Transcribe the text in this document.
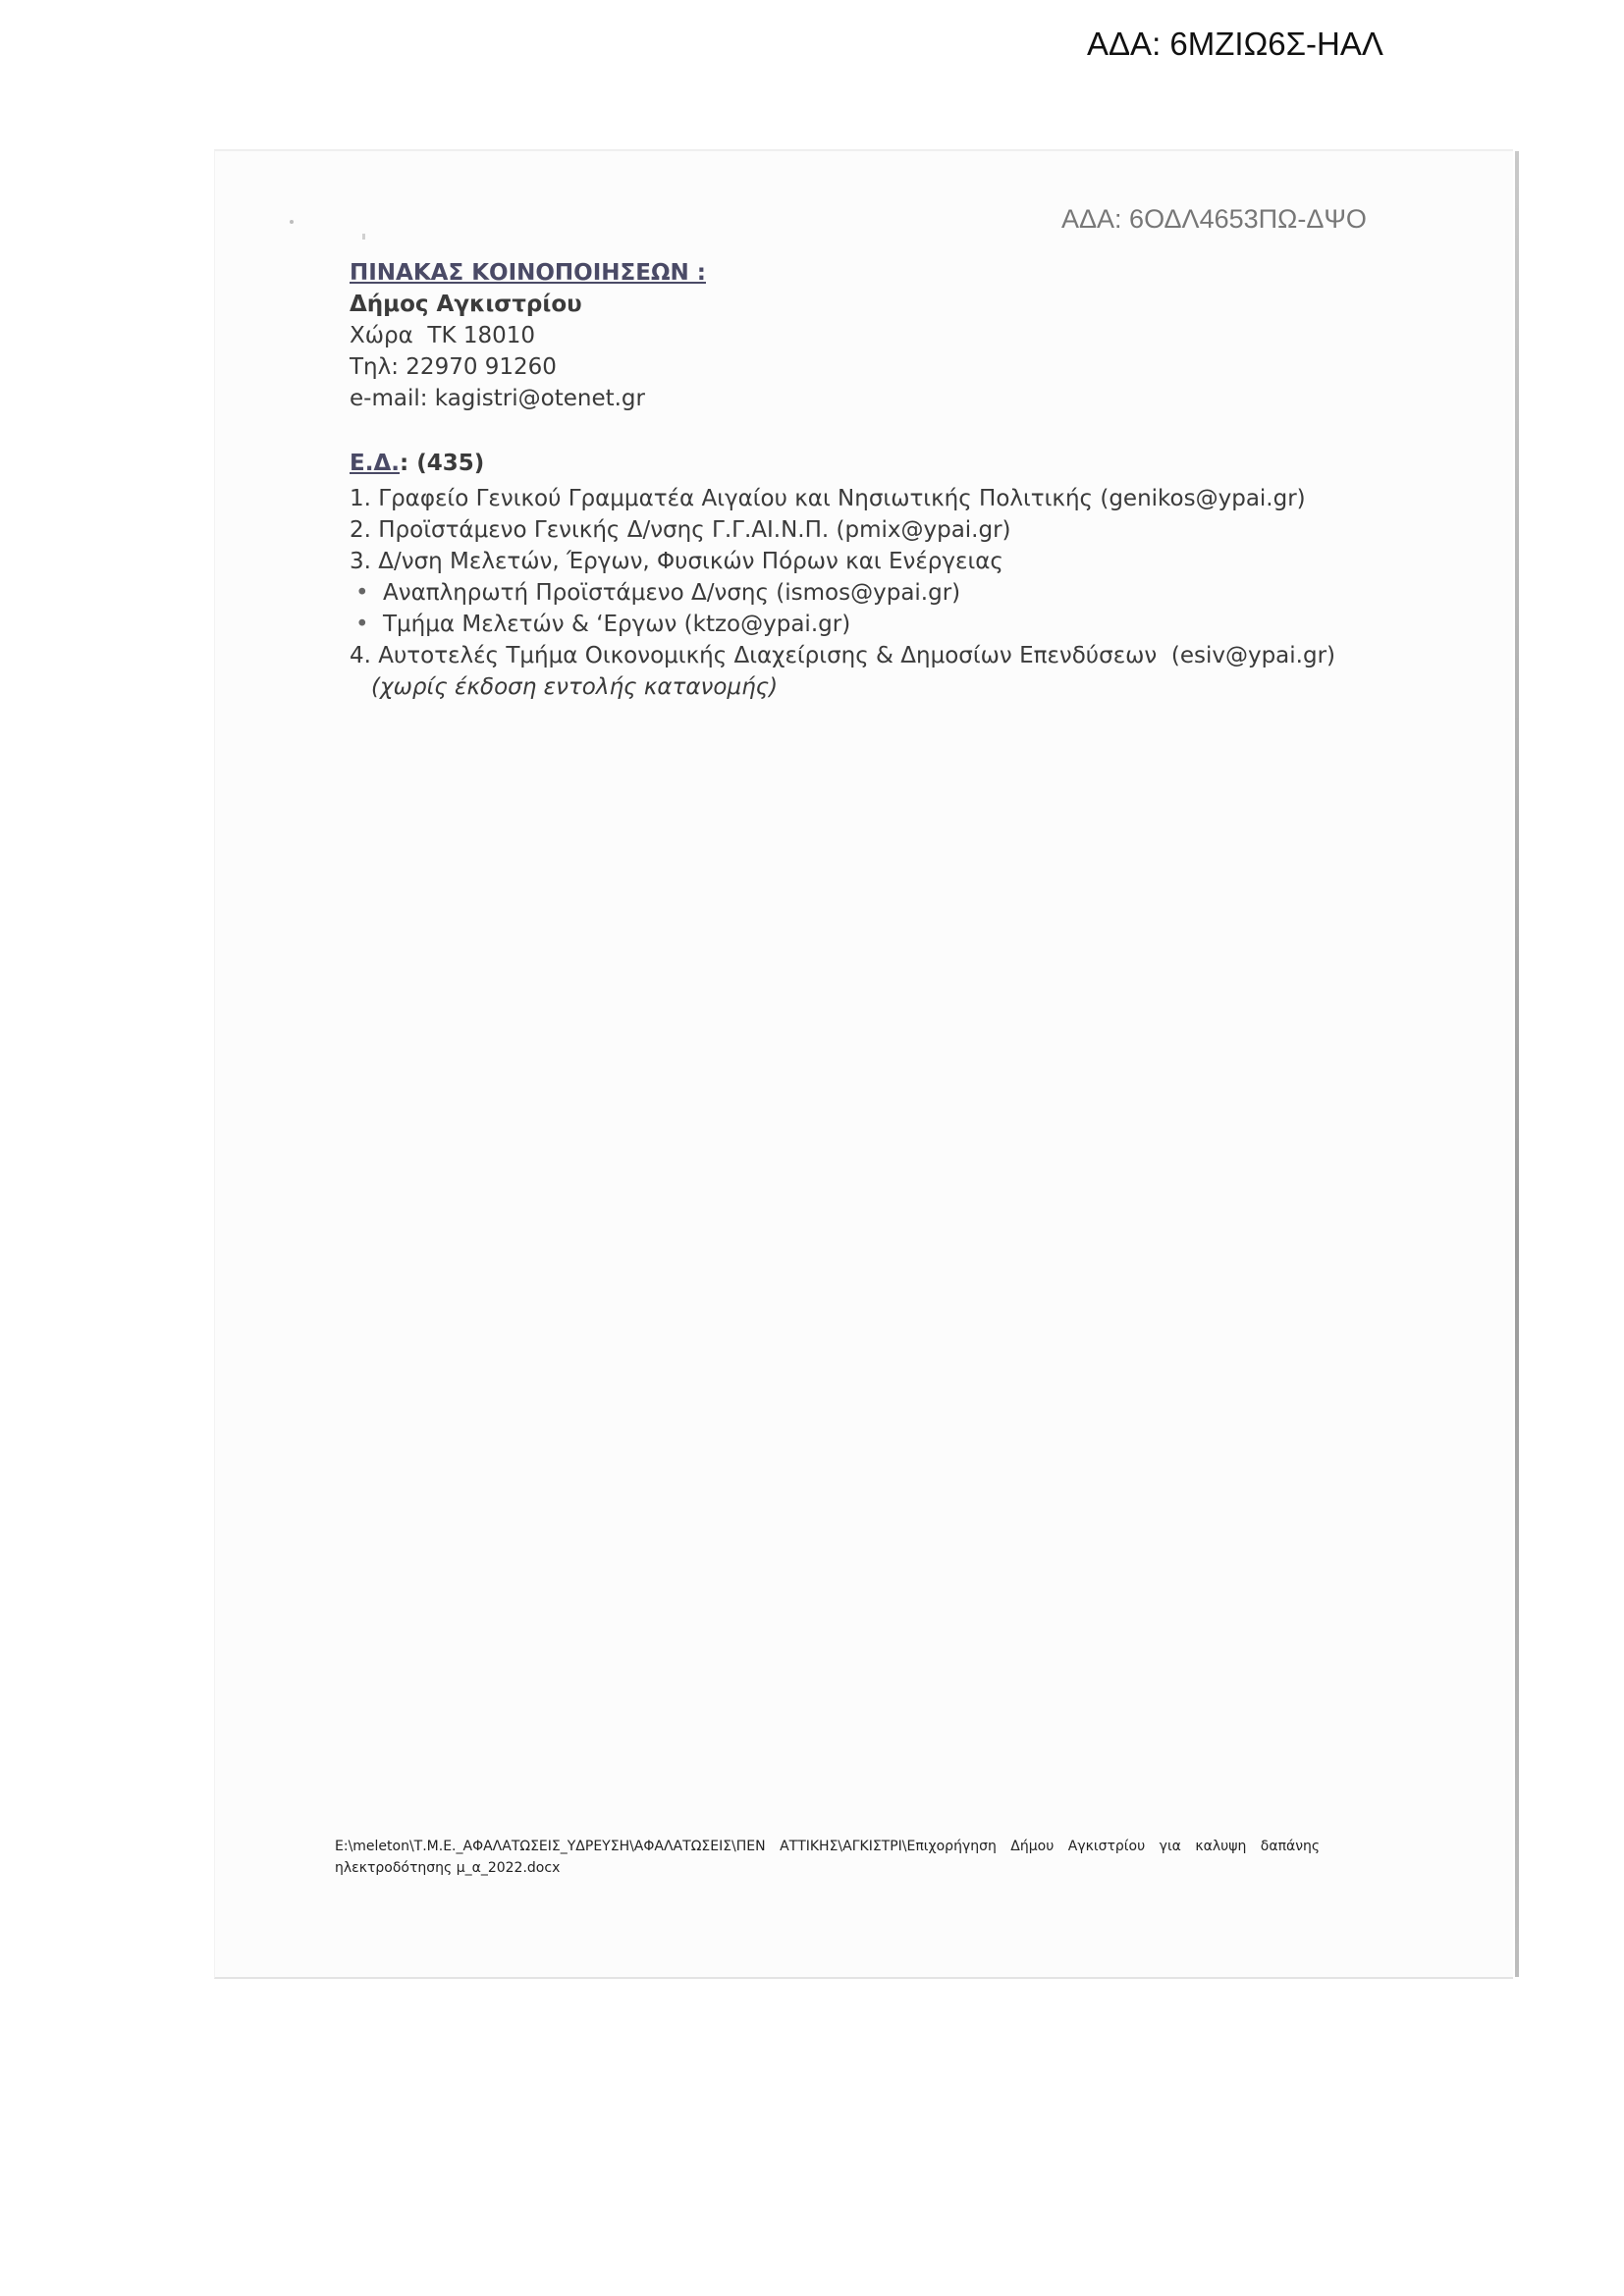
ΑΔΑ: 6ΜΖΙΩ6Σ-ΗΑΛ
ΑΔΑ: 6ΟΔΛ4653ΠΩ-ΔΨΟ
ΠΙΝΑΚΑΣ ΚΟΙΝΟΠΟΙΗΣΕΩΝ :
Δήμος Αγκιστρίου
Χώρα  ΤΚ 18010
Τηλ: 22970 91260
e-mail: kagistri@otenet.gr
Ε.Δ.: (435)
1. Γραφείο Γενικού Γραμματέα Αιγαίου και Νησιωτικής Πολιτικής (genikos@ypai.gr)
2. Προϊστάμενο Γενικής Δ/νσης Γ.Γ.ΑΙ.Ν.Π. (pmix@ypai.gr)
3. Δ/νση Μελετών, Έργων, Φυσικών Πόρων και Ενέργειας
• Αναπληρωτή Προϊστάμενο Δ/νσης (ismos@ypai.gr)
• Τμήμα Μελετών & ‘Εργων (ktzo@ypai.gr)
4. Αυτοτελές Τμήμα Οικονομικής Διαχείρισης & Δημοσίων Επενδύσεων  (esiv@ypai.gr)
(χωρίς έκδοση εντολής κατανομής)
E:\meleton\Τ.Μ.Ε._ΑΦΑΛΑΤΩΣΕΙΣ_ΥΔΡΕΥΣΗ\ΑΦΑΛΑΤΩΣΕΙΣ\ΠΕΝ ΑΤΤΙΚΗΣ\ΑΓΚΙΣΤΡΙ\Επιχορήγηση Δήμου Αγκιστρίου για καλυψη δαπάνης
ηλεκτροδότησης μ_α_2022.docx
